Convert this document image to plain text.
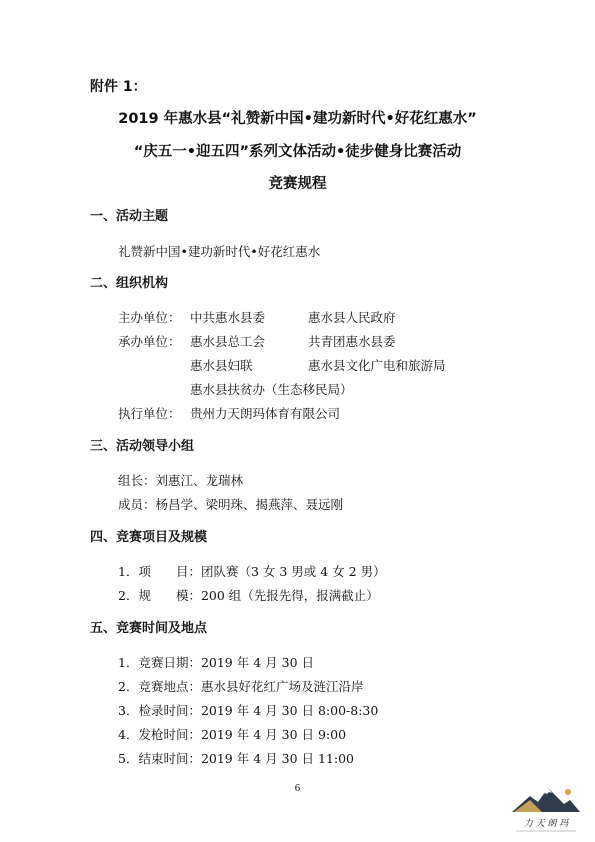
附件 1：
2019 年惠水县“礼赞新中国•建功新时代•好花红惠水”
“庆五一•迎五四”系列文体活动•徒步健身比赛活动
竞赛规程
一、活动主题
礼赞新中国•建功新时代•好花红惠水
二、组织机构
主办单位： 中共惠水县委	惠水县人民政府
承办单位： 惠水县总工会	共青团惠水县委
惠水县妇联	惠水县文化广电和旅游局
惠水县扶贫办（生态移民局）
执行单位： 贵州力天朗玛体育有限公司
三、活动领导小组
组长：刘惠江、龙瑞林
成员：杨昌学、梁明珠、揭燕萍、聂远刚
四、竞赛项目及规模
1．项　　目：团队赛（3 女 3 男或 4 女 2 男）
2．规　　模：200 组（先报先得，报满截止）
五、竞赛时间及地点
1．竞赛日期：2019 年 4 月 30 日
2．竞赛地点：惠水县好花红广场及涟江沿岸
3．检录时间：2019 年 4 月 30 日 8:00-8:30
4．发枪时间：2019 年 4 月 30 日 9:00
5．结束时间：2019 年 4 月 30 日 11:00
6
力 天 朗 玛
